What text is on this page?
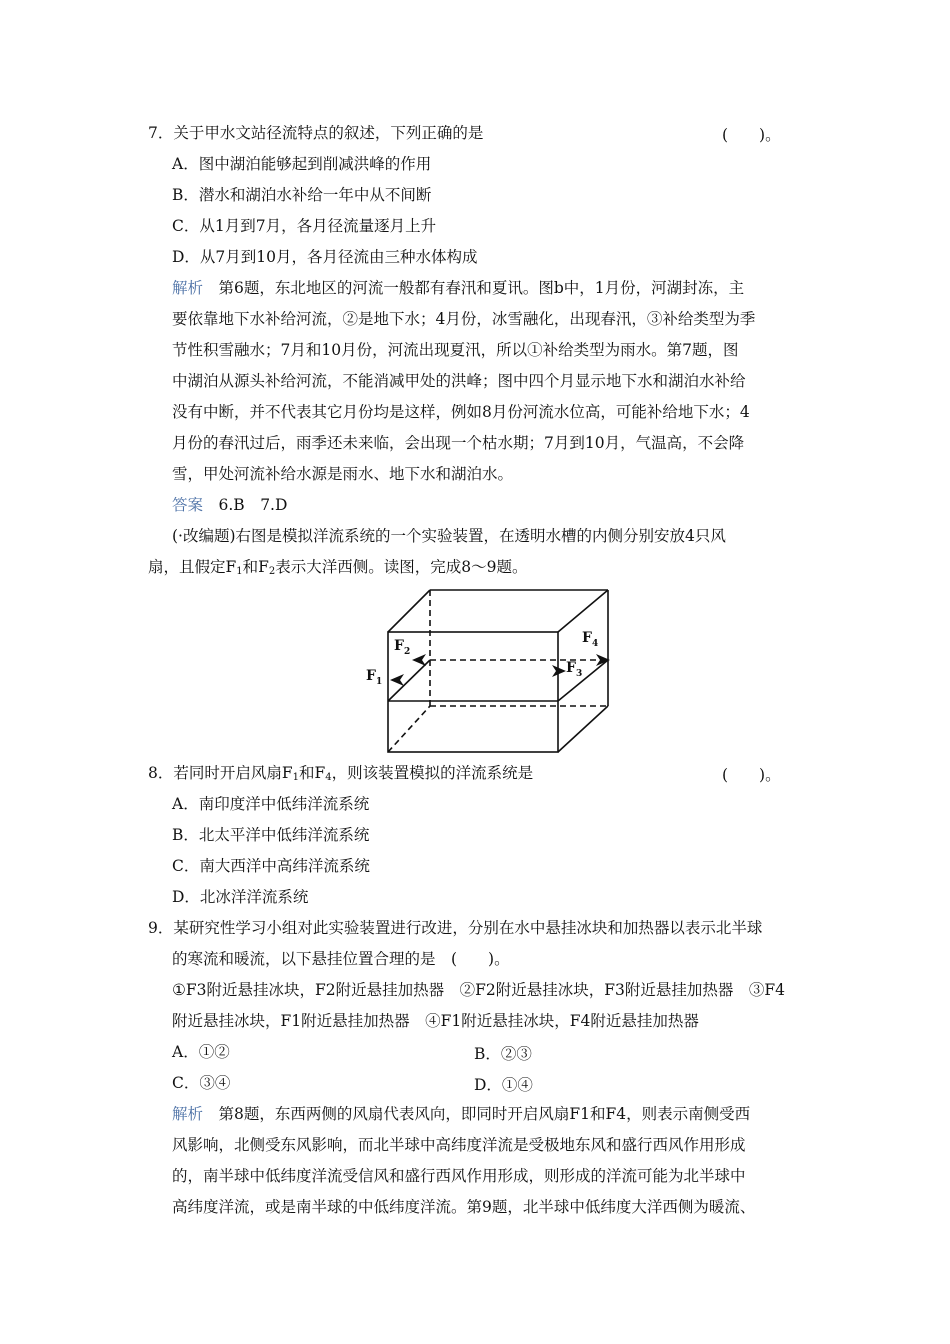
7．关于甲水文站径流特点的叙述，下列正确的是	(　　)。
A．图中湖泊能够起到削减洪峰的作用
B．潜水和湖泊水补给一年中从不间断
C．从1月到7月，各月径流量逐月上升
D．从7月到10月，各月径流由三种水体构成
解析　第6题，东北地区的河流一般都有春汛和夏讯。图b中，1月份，河湖封冻，主
要依靠地下水补给河流，②是地下水；4月份，冰雪融化，出现春汛，③补给类型为季
节性积雪融水；7月和10月份，河流出现夏汛，所以①补给类型为雨水。第7题，图
中湖泊从源头补给河流，不能消减甲处的洪峰；图中四个月显示地下水和湖泊水补给
没有中断，并不代表其它月份均是这样，例如8月份河流水位高，可能补给地下水；4
月份的春汛过后，雨季还未来临，会出现一个枯水期；7月到10月，气温高，不会降
雪，甲处河流补给水源是雨水、地下水和湖泊水。
答案　6.B　7.D
(·改编题)右图是模拟洋流系统的一个实验装置，在透明水槽的内侧分别安放4只风
扇，且假定$F_1$和$F_2$表示大洋西侧。读图，完成8～9题。
$F_1$
$F_2$
$F_3$
$F_4$
8．若同时开启风扇$F_1$和$F_4$，则该装置模拟的洋流系统是	(　　)。
A．南印度洋中低纬洋流系统
B．北太平洋中低纬洋流系统
C．南大西洋中高纬洋流系统
D．北冰洋洋流系统
9．某研究性学习小组对此实验装置进行改进，分别在水中悬挂冰块和加热器以表示北半球
的寒流和暖流，以下悬挂位置合理的是　(　　)。
①F3附近悬挂冰块，F2附近悬挂加热器　②F2附近悬挂冰块，F3附近悬挂加热器　③F4
附近悬挂冰块，F1附近悬挂加热器　④F1附近悬挂冰块，F4附近悬挂加热器
A．①②	B．②③
C．③④	D．①④
解析　第8题，东西两侧的风扇代表风向，即同时开启风扇F1和F4，则表示南侧受西
风影响，北侧受东风影响，而北半球中高纬度洋流是受极地东风和盛行西风作用形成
的，南半球中低纬度洋流受信风和盛行西风作用形成，则形成的洋流可能为北半球中
高纬度洋流，或是南半球的中低纬度洋流。第9题，北半球中低纬度大洋西侧为暖流、
